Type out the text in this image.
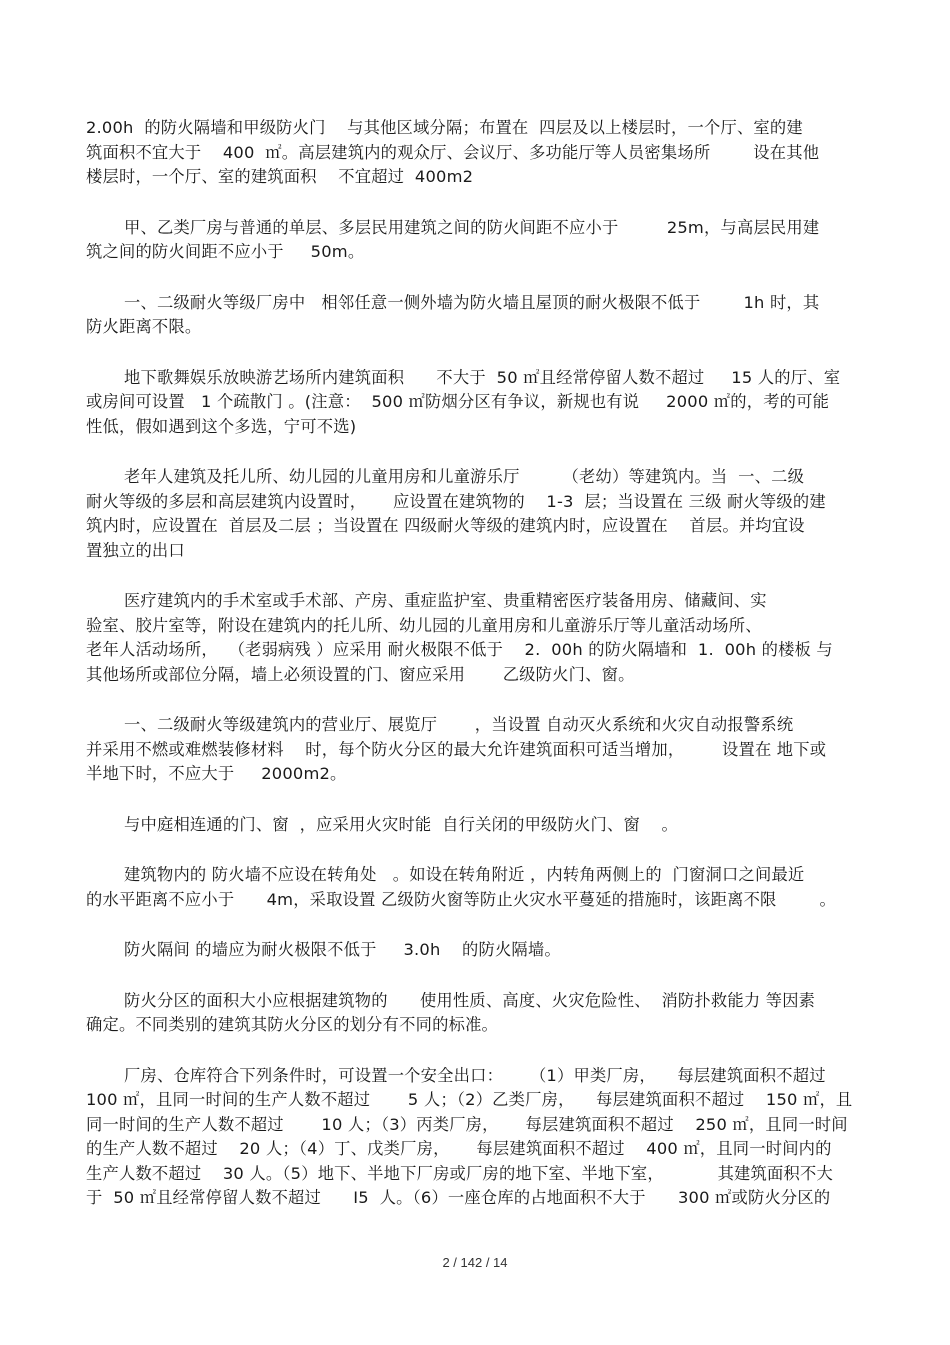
2.00h  的防火隔墙和甲级防火门    与其他区域分隔；布置在  四层及以上楼层时，一个厅、室的建
筑面积不宜大于    400  ㎡。高层建筑内的观众厅、会议厅、多功能厅等人员密集场所        设在其他
楼层时，一个厅、室的建筑面积    不宜超过  400m2
甲、乙类厂房与普通的单层、多层民用建筑之间的防火间距不应小于         25m，与高层民用建
筑之间的防火间距不应小于     50m。
一、二级耐火等级厂房中   相邻任意一侧外墙为防火墙且屋顶的耐火极限不低于        1h 时，其
防火距离不限。
地下歌舞娱乐放映游艺场所内建筑面积      不大于  50 ㎡且经常停留人数不超过     15 人的厅、室
或房间可设置   1 个疏散门 。(注意：  500 ㎡防烟分区有争议，新规也有说     2000 ㎡的，考的可能
性低，假如遇到这个多选，宁可不选)
老年人建筑及托儿所、幼儿园的儿童用房和儿童游乐厅        （老幼）等建筑内。当  一、二级
耐火等级的多层和高层建筑内设置时，     应设置在建筑物的    1-3  层；当设置在 三级 耐火等级的建
筑内时，应设置在  首层及二层 ；当设置在 四级耐火等级的建筑内时，应设置在    首层。并均宜设
置独立的出口
医疗建筑内的手术室或手术部、产房、重症监护室、贵重精密医疗装备用房、储藏间、实
验室、胶片室等，附设在建筑内的托儿所、幼儿园的儿童用房和儿童游乐厅等儿童活动场所、
老年人活动场所，  （老弱病残 ）应采用 耐火极限不低于    2.  00h 的防火隔墙和  1.  00h 的楼板 与
其他场所或部位分隔，墙上必须设置的门、窗应采用       乙级防火门、窗。
一、二级耐火等级建筑内的营业厅、展览厅       ，当设置 自动灭火系统和火灾自动报警系统
并采用不燃或难燃装修材料    时，每个防火分区的最大允许建筑面积可适当增加，       设置在 地下或
半地下时，不应大于     2000m2。
与中庭相连通的门、窗  ，应采用火灾时能  自行关闭的甲级防火门、窗    。
建筑物内的 防火墙不应设在转角处   。如设在转角附近 ，内转角两侧上的  门窗洞口之间最近
的水平距离不应小于      4m，采取设置 乙级防火窗等防止火灾水平蔓延的措施时，该距离不限        。
防火隔间 的墙应为耐火极限不低于     3.0h    的防火隔墙。
防火分区的面积大小应根据建筑物的      使用性质、高度、火灾危险性、  消防扑救能力 等因素
确定。不同类别的建筑其防火分区的划分有不同的标准。
厂房、仓库符合下列条件时，可设置一个安全出口：     （1）甲类厂房，    每层建筑面积不超过
100 ㎡，且同一时间的生产人数不超过       5 人；（2）乙类厂房，    每层建筑面积不超过    150 ㎡，且
同一时间的生产人数不超过       10 人；（3）丙类厂房，     每层建筑面积不超过    250 ㎡，且同一时间
的生产人数不超过    20 人；（4）丁、戊类厂房，     每层建筑面积不超过    400 ㎡，且同一时间内的
生产人数不超过    30 人。（5）地下、半地下厂房或厂房的地下室、半地下室，          其建筑面积不大
于  50 ㎡且经常停留人数不超过      I5  人。（6）一座仓库的占地面积不大于      300 ㎡或防火分区的
2 / 142 / 14
